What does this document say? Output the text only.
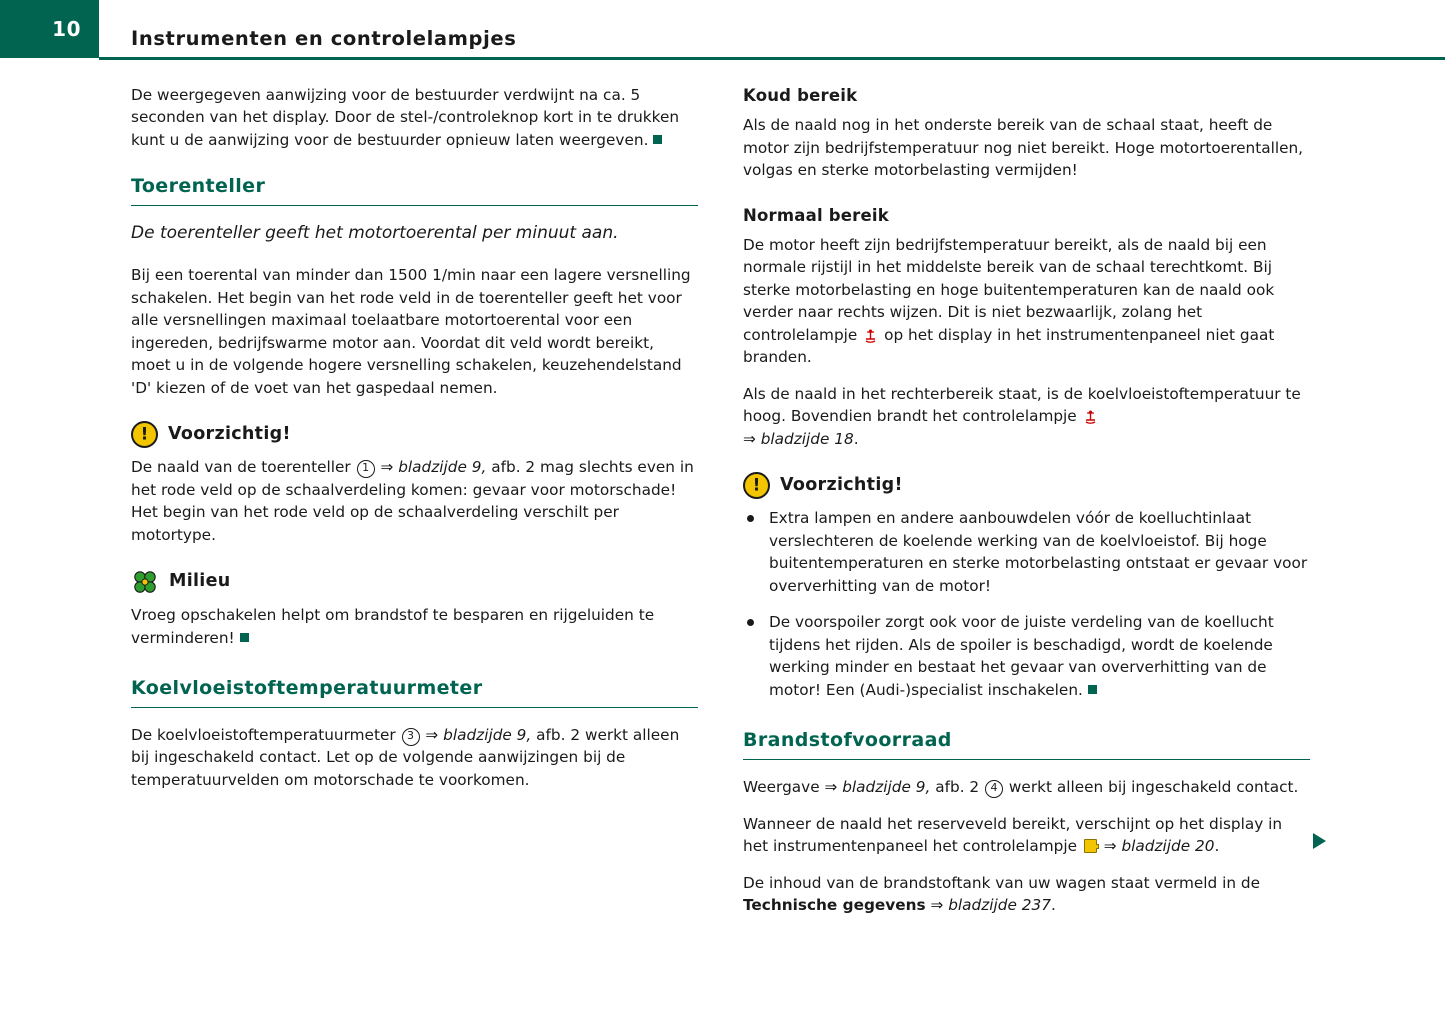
10	Instrumenten en controlelampjes

De weergegeven aanwijzing voor de bestuurder verdwijnt na ca. 5 seconden van het display. Door de stel-/controleknop kort in te drukken kunt u de aanwijzing voor de bestuurder opnieuw laten weergeven.

Toerenteller

De toerenteller geeft het motortoerental per minuut aan.

Bij een toerental van minder dan 1500 1/min naar een lagere versnelling schakelen. Het begin van het rode veld in de toerenteller geeft het voor alle versnellingen maximaal toelaatbare motortoerental voor een ingereden, bedrijfswarme motor aan. Voordat dit veld wordt bereikt, moet u in de volgende hogere versnelling schakelen, keuzehendelstand 'D' kiezen of de voet van het gaspedaal nemen.

!
Voorzichtig!

De naald van de toerenteller 1 ⇒ bladzijde 9, afb. 2 mag slechts even in het rode veld op de schaalverdeling komen: gevaar voor motorschade! Het begin van het rode veld op de schaalverdeling verschilt per motortype.

Milieu

Vroeg opschakelen helpt om brandstof te besparen en rijgeluiden te verminderen!

Koelvloeistoftemperatuurmeter

De koelvloeistoftemperatuurmeter 3 ⇒ bladzijde 9, afb. 2 werkt alleen bij ingeschakeld contact. Let op de volgende aanwijzingen bij de temperatuurvelden om motorschade te voorkomen.

Koud bereik

Als de naald nog in het onderste bereik van de schaal staat, heeft de motor zijn bedrijfstemperatuur nog niet bereikt. Hoge motortoerentallen, volgas en sterke motorbelasting vermijden!

Normaal bereik

De motor heeft zijn bedrijfstemperatuur bereikt, als de naald bij een normale rijstijl in het middelste bereik van de schaal terechtkomt. Bij sterke motorbelasting en hoge buitentemperaturen kan de naald ook verder naar rechts wijzen. Dit is niet bezwaarlijk, zolang het controlelampje op het display in het instrumentenpaneel niet gaat branden.

Als de naald in het rechterbereik staat, is de koelvloeistoftemperatuur te hoog. Bovendien brandt het controlelampje
⇒ bladzijde 18.

!
Voorzichtig!

Extra lampen en andere aanbouwdelen vóór de koelluchtinlaat verslechteren de koelende werking van de koelvloeistof. Bij hoge buitentemperaturen en sterke motorbelasting ontstaat er gevaar voor oververhitting van de motor!

De voorspoiler zorgt ook voor de juiste verdeling van de koellucht tijdens het rijden. Als de spoiler is beschadigd, wordt de koelende werking minder en bestaat het gevaar van oververhitting van de motor! Een (Audi-)specialist inschakelen.

Brandstofvoorraad

Weergave ⇒ bladzijde 9, afb. 2 4 werkt alleen bij ingeschakeld contact.

Wanneer de naald het reserveveld bereikt, verschijnt op het display in het instrumentenpaneel het controlelampje ⇒ bladzijde 20.

De inhoud van de brandstoftank van uw wagen staat vermeld in de Technische gegevens ⇒ bladzijde 237.
